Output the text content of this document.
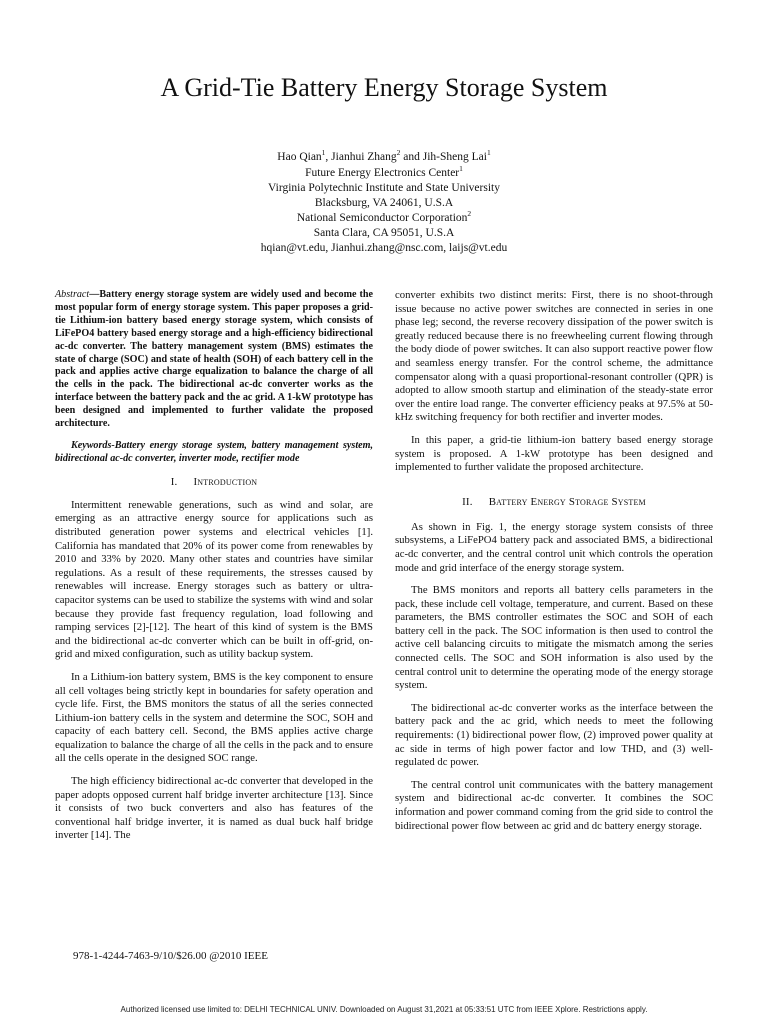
A Grid-Tie Battery Energy Storage System
Hao Qian$^1$, Jianhui Zhang$^2$ and Jih-Sheng Lai$^1$
Future Energy Electronics Center$^1$
Virginia Polytechnic Institute and State University
Blacksburg, VA 24061, U.S.A
National Semiconductor Corporation$^2$
Santa Clara, CA 95051, U.S.A
hqian@vt.edu, Jianhui.zhang@nsc.com, laijs@vt.edu

Abstract—Battery energy storage system are widely used and become the most popular form of energy storage system. This paper proposes a grid-tie Lithium-ion battery based energy storage system, which consists of LiFePO4 battery based energy storage and a high-efficiency bidirectional ac-dc converter. The battery management system (BMS) estimates the state of charge (SOC) and state of health (SOH) of each battery cell in the pack and applies active charge equalization to balance the charge of all the cells in the pack. The bidirectional ac-dc converter works as the interface between the battery pack and the ac grid. A 1-kW prototype has been designed and implemented to further validate the proposed architecture.

Keywords-Battery energy storage system, battery management system, bidirectional ac-dc converter, inverter mode, rectifier mode

I. Introduction

Intermittent renewable generations, such as wind and solar, are emerging as an attractive energy source for applications such as distributed generation power systems and electrical vehicles [1]. California has mandated that 20% of its power come from renewables by 2010 and 33% by 2020. Many other states and countries have similar regulations. As a result of these requirements, the stresses caused by renewables will increase. Energy storages such as battery or ultra-capacitor systems can be used to stabilize the systems with wind and solar because they provide fast frequency regulation, load following and ramping services [2]-[12]. The heart of this kind of system is the BMS and the bidirectional ac-dc converter which can be built in off-grid, on-grid and mixed configuration, such as utility backup system.

In a Lithium-ion battery system, BMS is the key component to ensure all cell voltages being strictly kept in boundaries for safety operation and cycle life. First, the BMS monitors the status of all the series connected Lithium-ion battery cells in the system and determine the SOC, SOH and capacity of each battery cell. Second, the BMS applies active charge equalization to balance the charge of all the cells in the pack and to ensure all the cells operate in the designed SOC range.

The high efficiency bidirectional ac-dc converter that developed in the paper adopts opposed current half bridge inverter architecture [13]. Since it consists of two buck converters and also has features of the conventional half bridge inverter, it is named as dual buck half bridge inverter [14]. The

converter exhibits two distinct merits: First, there is no shoot-through issue because no active power switches are connected in series in one phase leg; second, the reverse recovery dissipation of the power switch is greatly reduced because there is no freewheeling current flowing through the body diode of power switches. It can also support reactive power flow and seamless energy transfer. For the control scheme, the admittance compensator along with a quasi proportional-resonant controller (QPR) is adopted to allow smooth startup and elimination of the steady-state error over the entire load range. The converter efficiency peaks at 97.5% at 50-kHz switching frequency for both rectifier and inverter modes.

In this paper, a grid-tie lithium-ion battery based energy storage system is proposed. A 1-kW prototype has been designed and implemented to further validate the proposed architecture.

II. Battery Energy Storage System

As shown in Fig. 1, the energy storage system consists of three subsystems, a LiFePO4 battery pack and associated BMS, a bidirectional ac-dc converter, and the central control unit which controls the operation mode and grid interface of the energy storage system.

The BMS monitors and reports all battery cells parameters in the pack, these include cell voltage, temperature, and current. Based on these parameters, the BMS controller estimates the SOC and SOH of each battery cell in the pack. The SOC information is then used to control the active cell balancing circuits to mitigate the mismatch among the series connected cells. The SOC and SOH information is also used by the central control unit to determine the operating mode of the energy storage system.

The bidirectional ac-dc converter works as the interface between the battery pack and the ac grid, which needs to meet the following requirements: (1) bidirectional power flow, (2) improved power quality at ac side in terms of high power factor and low THD, and (3) well-regulated dc power.

The central control unit communicates with the battery management system and bidirectional ac-dc converter. It combines the SOC information and power command coming from the grid side to control the bidirectional power flow between ac grid and dc battery energy storage.

978-1-4244-7463-9/10/$26.00 @2010 IEEE
Authorized licensed use limited to: DELHI TECHNICAL UNIV. Downloaded on August 31,2021 at 05:33:51 UTC from IEEE Xplore. Restrictions apply.
